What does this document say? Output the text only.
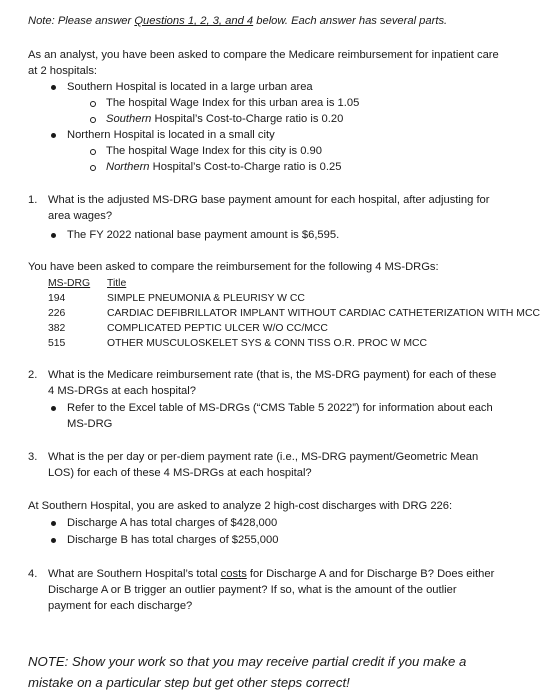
Note: Please answer Questions 1, 2, 3, and 4 below. Each answer has several parts.
As an analyst, you have been asked to compare the Medicare reimbursement for inpatient care
at 2 hospitals:
Southern Hospital is located in a large urban area
The hospital Wage Index for this urban area is 1.05
Southern Hospital’s Cost-to-Charge ratio is 0.20
Northern Hospital is located in a small city
The hospital Wage Index for this city is 0.90
Northern Hospital’s Cost-to-Charge ratio is 0.25
1. What is the adjusted MS-DRG base payment amount for each hospital, after adjusting for
area wages?
The FY 2022 national base payment amount is $6,595.
You have been asked to compare the reimbursement for the following 4 MS-DRGs:
MS-DRG Title
194	SIMPLE PNEUMONIA & PLEURISY W CC
226	CARDIAC DEFIBRILLATOR IMPLANT WITHOUT CARDIAC CATHETERIZATION WITH MCC
382	COMPLICATED PEPTIC ULCER W/O CC/MCC
515	OTHER MUSCULOSKELET SYS & CONN TISS O.R. PROC W MCC
2. What is the Medicare reimbursement rate (that is, the MS-DRG payment) for each of these
4 MS-DRGs at each hospital?
Refer to the Excel table of MS-DRGs (“CMS Table 5 2022”) for information about each
MS-DRG
3. What is the per day or per-diem payment rate (i.e., MS-DRG payment/Geometric Mean
LOS) for each of these 4 MS-DRGs at each hospital?
At Southern Hospital, you are asked to analyze 2 high-cost discharges with DRG 226:
Discharge A has total charges of $428,000
Discharge B has total charges of $255,000
4. What are Southern Hospital’s total costs for Discharge A and for Discharge B? Does either
Discharge A or B trigger an outlier payment? If so, what is the amount of the outlier
payment for each discharge?
NOTE: Show your work so that you may receive partial credit if you make a
mistake on a particular step but get other steps correct!
